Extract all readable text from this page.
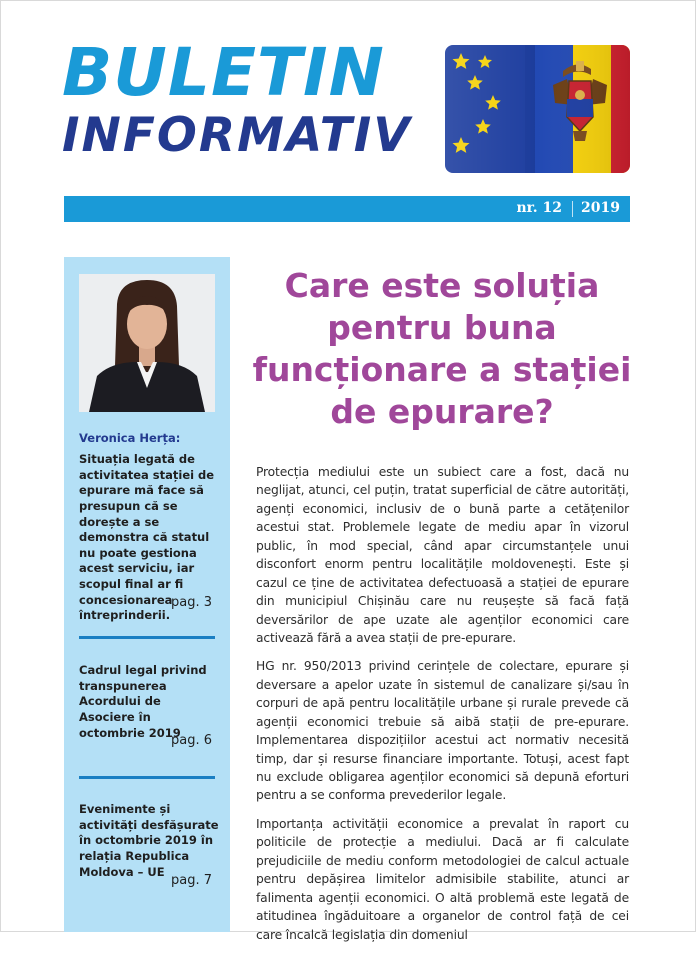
BULETIN
INFORMATIV
nr. 12 2019
Veronica Herța:
Situația legată de activitatea stației de epurare mă face să presupun că se dorește a se demonstra că statul nu poate gestiona acest serviciu, iar scopul final ar fi concesionarea întreprinderii.
pag. 3
Cadrul legal privind transpunerea Acordului de Asociere în octombrie 2019
pag. 6
Evenimente și activități desfășurate în octombrie 2019 în relația Republica Moldova – UE
pag. 7
Care este soluția pentru buna funcționare a stației de epurare?

Protecția mediului este un subiect care a fost, dacă nu neglijat, atunci, cel puțin, tratat superficial de către autorități, agenți economici, inclusiv de o bună parte a cetățenilor acestui stat. Problemele legate de mediu apar în vizorul public, în mod special, când apar circumstanțele unui disconfort enorm pentru localitățile moldovenești. Este și cazul ce ține de activitatea defectuoasă a stației de epurare din municipiul Chișinău care nu reușește să facă față deversărilor de ape uzate ale agenților economici care activează fără a avea stații de pre-epurare.

HG nr. 950/2013 privind cerințele de colectare, epurare și deversare a apelor uzate în sistemul de canalizare și/sau în corpuri de apă pentru localitățile urbane și rurale prevede că agenții economici trebuie să aibă stații de pre-epurare. Implementarea dispozițiilor acestui act normativ necesită timp, dar și resurse financiare importante. Totuși, acest fapt nu exclude obligarea agenților economici să depună eforturi pentru a se conforma prevederilor legale.

Importanța activității economice a prevalat în raport cu politicile de protecție a mediului. Dacă ar fi calculate prejudiciile de mediu conform metodologiei de calcul actuale pentru depășirea limitelor admisibile stabilite, atunci ar falimenta agenții economici. O altă problemă este legată de atitudinea îngăduitoare a organelor de control față de cei care încalcă legislația din domeniul
